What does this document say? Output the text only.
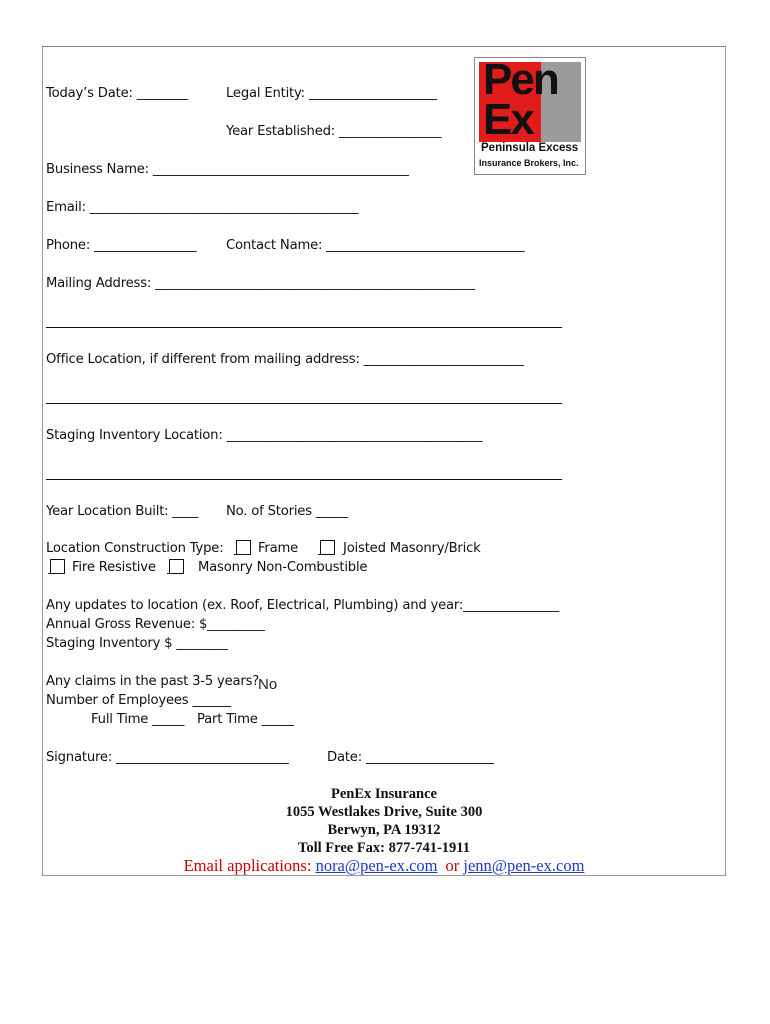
Pen
Ex
Peninsula Excess
Insurance Brokers, Inc.
Today’s Date: ________	Legal Entity: ____________________
Year Established: ________________
Business Name: ________________________________________
Email: __________________________________________
Phone: ________________ Contact Name: _______________________________
Mailing Address: __________________________________________________
Office Location, if different from mailing address: _________________________
Staging Inventory Location: ________________________________________
Year Location Built: ____ No. of Stories _____
Location Construction Type:	Frame	Joisted Masonry/Brick
Fire Resistive	Masonry Non-Combustible
Any updates to location (ex. Roof, Electrical, Plumbing) and year:_______________
Annual Gross Revenue: $_________
Staging Inventory $ ________
Any claims in the past 3-5 years?
No
Number of Employees ______
Full Time _____ Part Time _____
Signature: ___________________________	Date: ____________________
PenEx Insurance
1055 Westlakes Drive, Suite 300
Berwyn, PA 19312
Toll Free Fax: 877-741-1911
Email applications: nora@pen-ex.com or jenn@pen-ex.com
